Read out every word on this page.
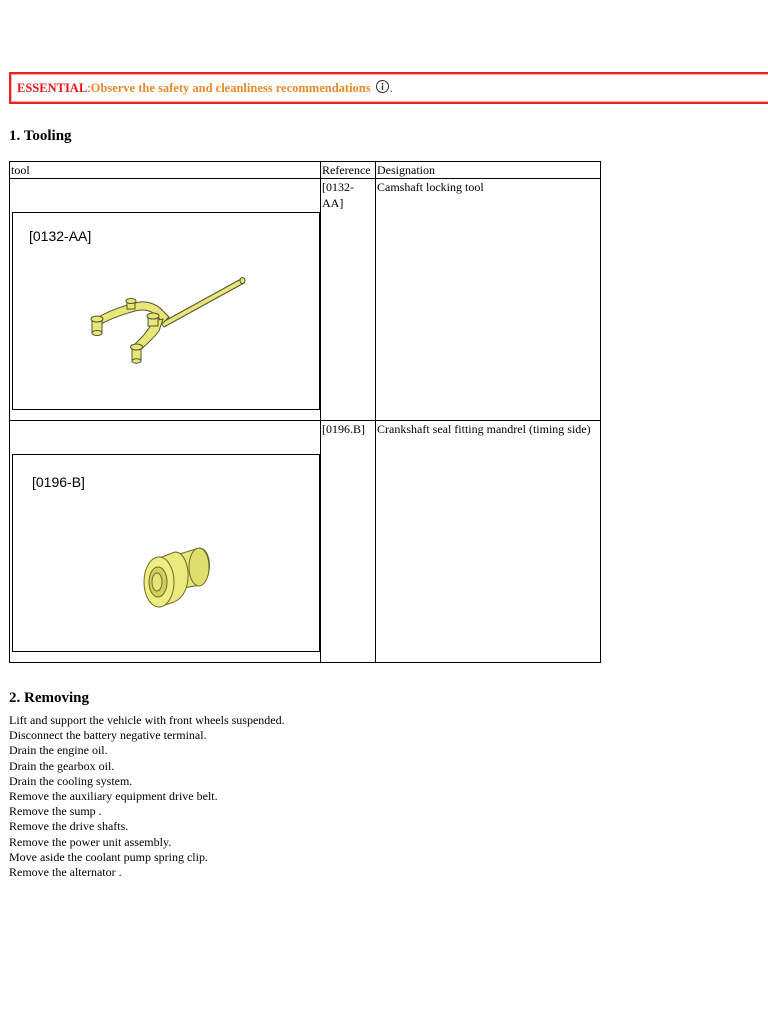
ESSENTIAL : Observe the safety and cleanliness recommendations .
1. Tooling
tool	Reference	Designation

[0132-AA]	[0132-AA]	Camshaft locking tool

[0196-B]	[0196.B]	Crankshaft seal fitting mandrel (timing side)
2. Removing
Lift and support the vehicle with front wheels suspended.
Disconnect the battery negative terminal.
Drain the engine oil.
Drain the gearbox oil.
Drain the cooling system.
Remove the auxiliary equipment drive belt.
Remove the sump .
Remove the drive shafts.
Remove the power unit assembly.
Move aside the coolant pump spring clip.
Remove the alternator .
